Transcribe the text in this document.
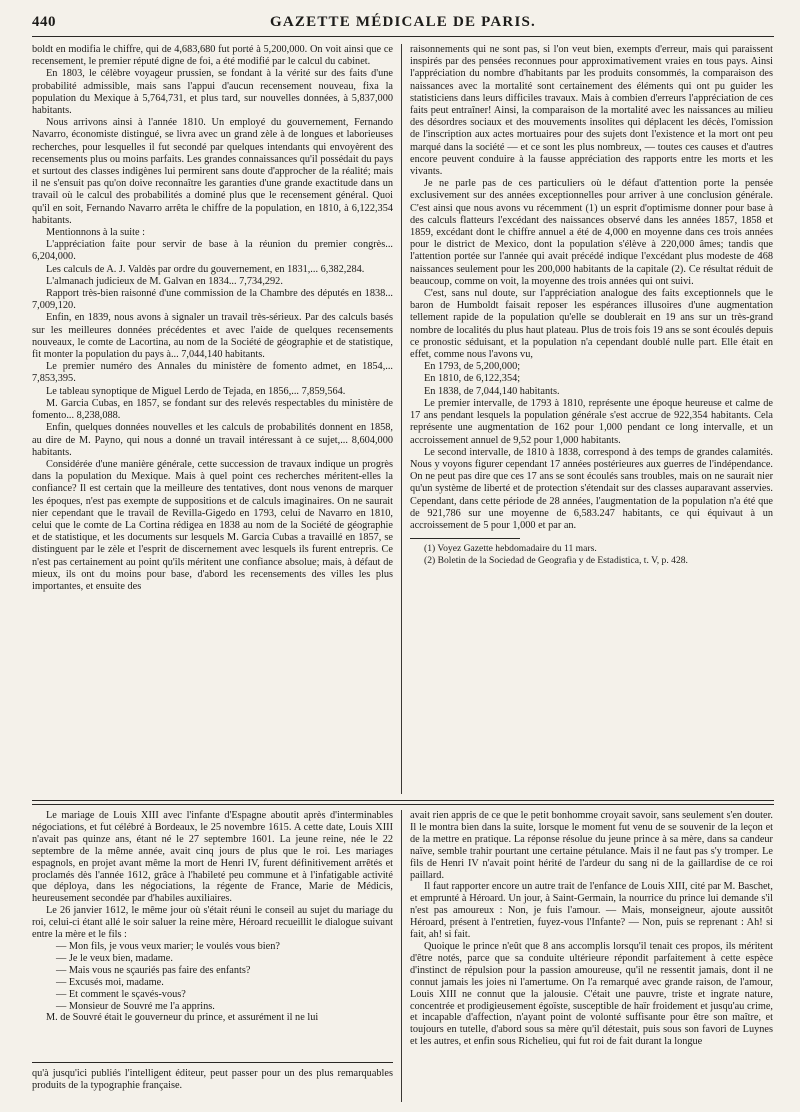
440	GAZETTE MÉDICALE DE PARIS.

boldt en modifia le chiffre, qui de 4,683,680 fut porté à 5,200,000. On voit ainsi que ce recensement, le premier réputé digne de foi, a été modifié par le calcul du cabinet.

En 1803, le célèbre voyageur prussien, se fondant à la vérité sur des faits d'une probabilité admissible, mais sans l'appui d'aucun recensement nouveau, fixa la population du Mexique à 5,764,731, et plus tard, sur nouvelles données, à 5,837,000 habitants.

Nous arrivons ainsi à l'année 1810. Un employé du gouvernement, Fernando Navarro, économiste distingué, se livra avec un grand zèle à de longues et laborieuses recherches, pour lesquelles il fut secondé par quelques intendants qui envoyèrent des recensements plus ou moins parfaits. Les grandes connaissances qu'il possédait du pays et surtout des classes indigènes lui permirent sans doute d'approcher de la réalité; mais il ne s'ensuit pas qu'on doive reconnaître les garanties d'une grande exactitude dans un travail où le calcul des probabilités a dominé plus que le recensement général. Quoi qu'il en soit, Fernando Navarro arrêta le chiffre de la population, en 1810, à 6,122,354 habitants.

Mentionnons à la suite :

L'appréciation faite pour servir de base à la réunion du premier congrès... 6,204,000.

Les calculs de A. J. Valdès par ordre du gouvernement, en 1831,... 6,382,284.

L'almanach judicieux de M. Galvan en 1834... 7,734,292.

Rapport très-bien raisonné d'une commission de la Chambre des députés en 1838... 7,009,120.

Enfin, en 1839, nous avons à signaler un travail très-sérieux. Par des calculs basés sur les meilleures données précédentes et avec l'aide de quelques recensements nouveaux, le comte de Lacortina, au nom de la Société de géographie et de statistique, fit monter la population du pays à... 7,044,140 habitants.

Le premier numéro des Annales du ministère de fomento admet, en 1854,... 7,853,395.

Le tableau synoptique de Miguel Lerdo de Tejada, en 1856,... 7,859,564.

M. Garcia Cubas, en 1857, se fondant sur des relevés respectables du ministère de fomento... 8,238,088.

Enfin, quelques données nouvelles et les calculs de probabilités donnent en 1858, au dire de M. Payno, qui nous a donné un travail intéressant à ce sujet,... 8,604,000 habitants.

Considérée d'une manière générale, cette succession de travaux indique un progrès dans la population du Mexique. Mais à quel point ces recherches méritent-elles la confiance? Il est certain que la meilleure des tentatives, dont nous venons de marquer les époques, n'est pas exempte de suppositions et de calculs imaginaires. On ne saurait nier cependant que le travail de Revilla-Gigedo en 1793, celui de Navarro en 1810, celui que le comte de La Cortina rédigea en 1838 au nom de la Société de géographie et de statistique, et les documents sur lesquels M. Garcia Cubas a travaillé en 1857, se distinguent par le zèle et l'esprit de discernement avec lesquels ils furent entrepris. Ce n'est pas certainement au point qu'ils méritent une confiance absolue; mais, à défaut de mieux, ils ont du moins pour base, d'abord les recensements des villes les plus importantes, et ensuite des

raisonnements qui ne sont pas, si l'on veut bien, exempts d'erreur, mais qui paraissent inspirés par des pensées reconnues pour approximativement vraies en tous pays. Ainsi l'appréciation du nombre d'habitants par les produits consommés, la comparaison des naissances avec la mortalité sont certainement des éléments qui ont pu guider les statisticiens dans leurs difficiles travaux. Mais à combien d'erreurs l'appréciation de ces faits peut entraîner! Ainsi, la comparaison de la mortalité avec les naissances au milieu des désordres sociaux et des mouvements insolites qui déplacent les décès, l'omission de l'inscription aux actes mortuaires pour des sujets dont l'existence et la mort ont peu marqué dans la société — et ce sont les plus nombreux, — toutes ces causes et d'autres encore peuvent conduire à la fausse appréciation des rapports entre les morts et les vivants.

Je ne parle pas de ces particuliers où le défaut d'attention porte la pensée exclusivement sur des années exceptionnelles pour arriver à une conclusion générale. C'est ainsi que nous avons vu récemment (1) un esprit d'optimisme donner pour base à des calculs flatteurs l'excédant des naissances observé dans les années 1857, 1858 et 1859, excédant dont le chiffre annuel a été de 4,000 en moyenne dans ces trois années pour le district de Mexico, dont la population s'élève à 220,000 âmes; tandis que l'attention portée sur l'année qui avait précédé indique l'excédant plus modeste de 468 naissances seulement pour les 200,000 habitants de la capitale (2). Ce résultat réduit de beaucoup, comme on voit, la moyenne des trois années qui ont suivi.

C'est, sans nul doute, sur l'appréciation analogue des faits exceptionnels que le baron de Humboldt faisait reposer les espérances illusoires d'une augmentation tellement rapide de la population qu'elle se doublerait en 19 ans sur un très-grand nombre de localités du plus haut plateau. Plus de trois fois 19 ans se sont écoulés depuis ce pronostic séduisant, et la population n'a cependant doublé nulle part. Elle était en effet, comme nous l'avons vu,

En 1793, de 5,200,000;

En 1810, de 6,122,354;

En 1838, de 7,044,140 habitants.

Le premier intervalle, de 1793 à 1810, représente une époque heureuse et calme de 17 ans pendant lesquels la population générale s'est accrue de 922,354 habitants. Cela représente une augmentation de 162 pour 1,000 pendant ce long intervalle, et un accroissement annuel de 9,52 pour 1,000 habitants.

Le second intervalle, de 1810 à 1838, correspond à des temps de grandes calamités. Nous y voyons figurer cependant 17 années postérieures aux guerres de l'indépendance. On ne peut pas dire que ces 17 ans se sont écoulés sans troubles, mais on ne saurait nier qu'un système de liberté et de protection s'étendait sur des classes auparavant asservies. Cependant, dans cette période de 28 années, l'augmentation de la population n'a été que de 921,786 sur une moyenne de 6,583.247 habitants, ce qui équivaut à un accroissement de 5 pour 1,000 et par an.

(1) Voyez Gazette hebdomadaire du 11 mars.

(2) Boletin de la Sociedad de Geografia y de Estadistica, t. V, p. 428.

Le mariage de Louis XIII avec l'infante d'Espagne aboutit après d'interminables négociations, et fut célébré à Bordeaux, le 25 novembre 1615. A cette date, Louis XIII n'avait pas quinze ans, étant né le 27 septembre 1601. La jeune reine, née le 22 septembre de la même année, avait cinq jours de plus que le roi. Les mariages espagnols, en projet avant même la mort de Henri IV, furent définitivement arrêtés et proclamés dès l'année 1612, grâce à l'habileté peu commune et à l'infatigable activité que déploya, dans les négociations, la régente de France, Marie de Médicis, heureusement secondée par d'habiles auxiliaires.

Le 26 janvier 1612, le même jour où s'était réuni le conseil au sujet du mariage du roi, celui-ci étant allé le soir saluer la reine mère, Héroard recueillit le dialogue suivant entre la mère et le fils :

— Mon fils, je vous veux marier; le voulés vous bien?

— Je le veux bien, madame.

— Mais vous ne sçauriés pas faire des enfants?

— Excusés moi, madame.

— Et comment le sçavés-vous?

— Monsieur de Souvré me l'a apprins.

M. de Souvré était le gouverneur du prince, et assurément il ne lui

qu'à jusqu'ici publiés l'intelligent éditeur, peut passer pour un des plus remarquables produits de la typographie française.

avait rien appris de ce que le petit bonhomme croyait savoir, sans seulement s'en douter. Il le montra bien dans la suite, lorsque le moment fut venu de se souvenir de la leçon et de la mettre en pratique. La réponse résolue du jeune prince à sa mère, dans sa candeur naïve, semble trahir pourtant une certaine pétulance. Mais il ne faut pas s'y tromper. Le fils de Henri IV n'avait point hérité de l'ardeur du sang ni de la gaillardise de ce roi paillard.

Il faut rapporter encore un autre trait de l'enfance de Louis XIII, cité par M. Baschet, et emprunté à Héroard. Un jour, à Saint-Germain, la nourrice du prince lui demande s'il n'est pas amoureux : Non, je fuis l'amour. — Mais, monseigneur, ajoute aussitôt Héroard, présent à l'entretien, fuyez-vous l'Infante? — Non, puis se reprenant : Ah! si fait, ah! si fait.

Quoique le prince n'eût que 8 ans accomplis lorsqu'il tenait ces propos, ils méritent d'être notés, parce que sa conduite ultérieure répondit parfaitement à cette espèce d'instinct de répulsion pour la passion amoureuse, qu'il ne ressentit jamais, dont il ne connut jamais les joies ni l'amertume. On l'a remarqué avec grande raison, de l'amour, Louis XIII ne connut que la jalousie. C'était une pauvre, triste et ingrate nature, concentrée et prodigieusement égoïste, susceptible de haïr froidement et jusqu'au crime, et incapable d'affection, n'ayant point de volonté suffisante pour être son maître, et toujours en tutelle, d'abord sous sa mère qu'il détestait, puis sous son favori de Luynes et les autres, et enfin sous Richelieu, qui fut roi de fait durant la longue
